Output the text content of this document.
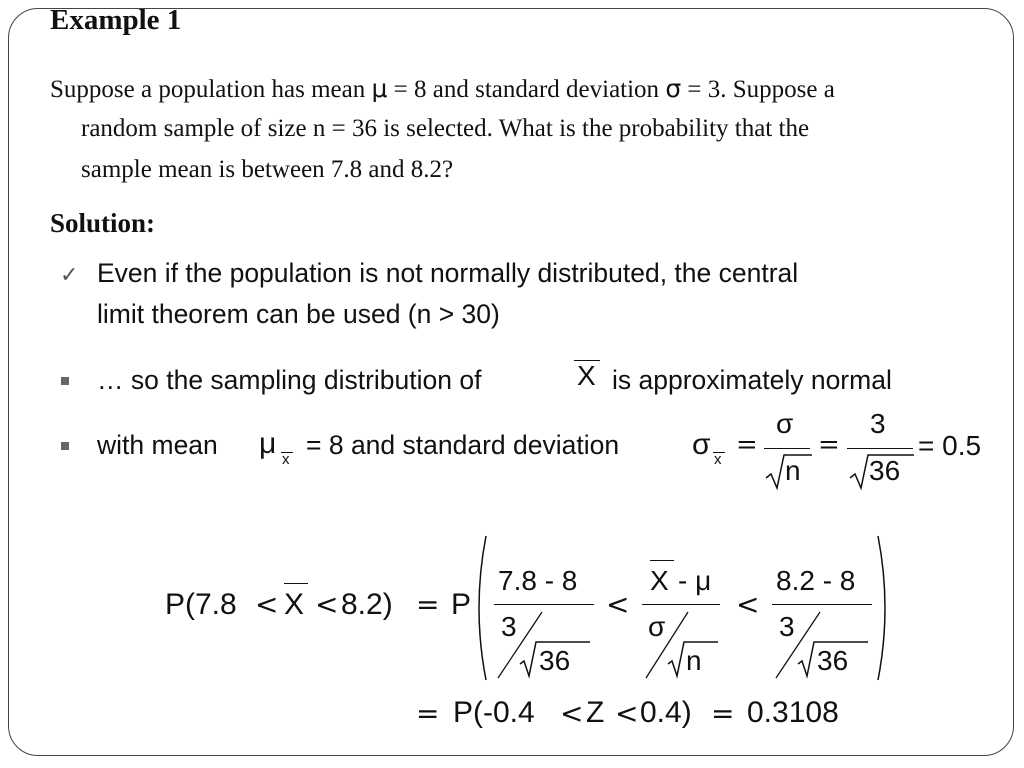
Example 1
Suppose a population has mean μ = 8 and standard deviation σ = 3. Suppose a
random sample of size n = 36 is selected. What is the probability that the
sample mean is between 7.8 and 8.2?
Solution:
✓ Even if the population is not normally distributed, the central
limit theorem can be used (n > 30)
… so the sampling distribution of	X is approximately normal
with mean μ x = 8 and standard deviation σ x =
σ
n
=
3
36
= 0.5
P(7.8 < X < 8.2) = P
7.8 - 8
3
36
<
X - μ
σ
n
<
8.2 - 8
3
36
= P(-0.4 < Z < 0.4) = 0.3108
